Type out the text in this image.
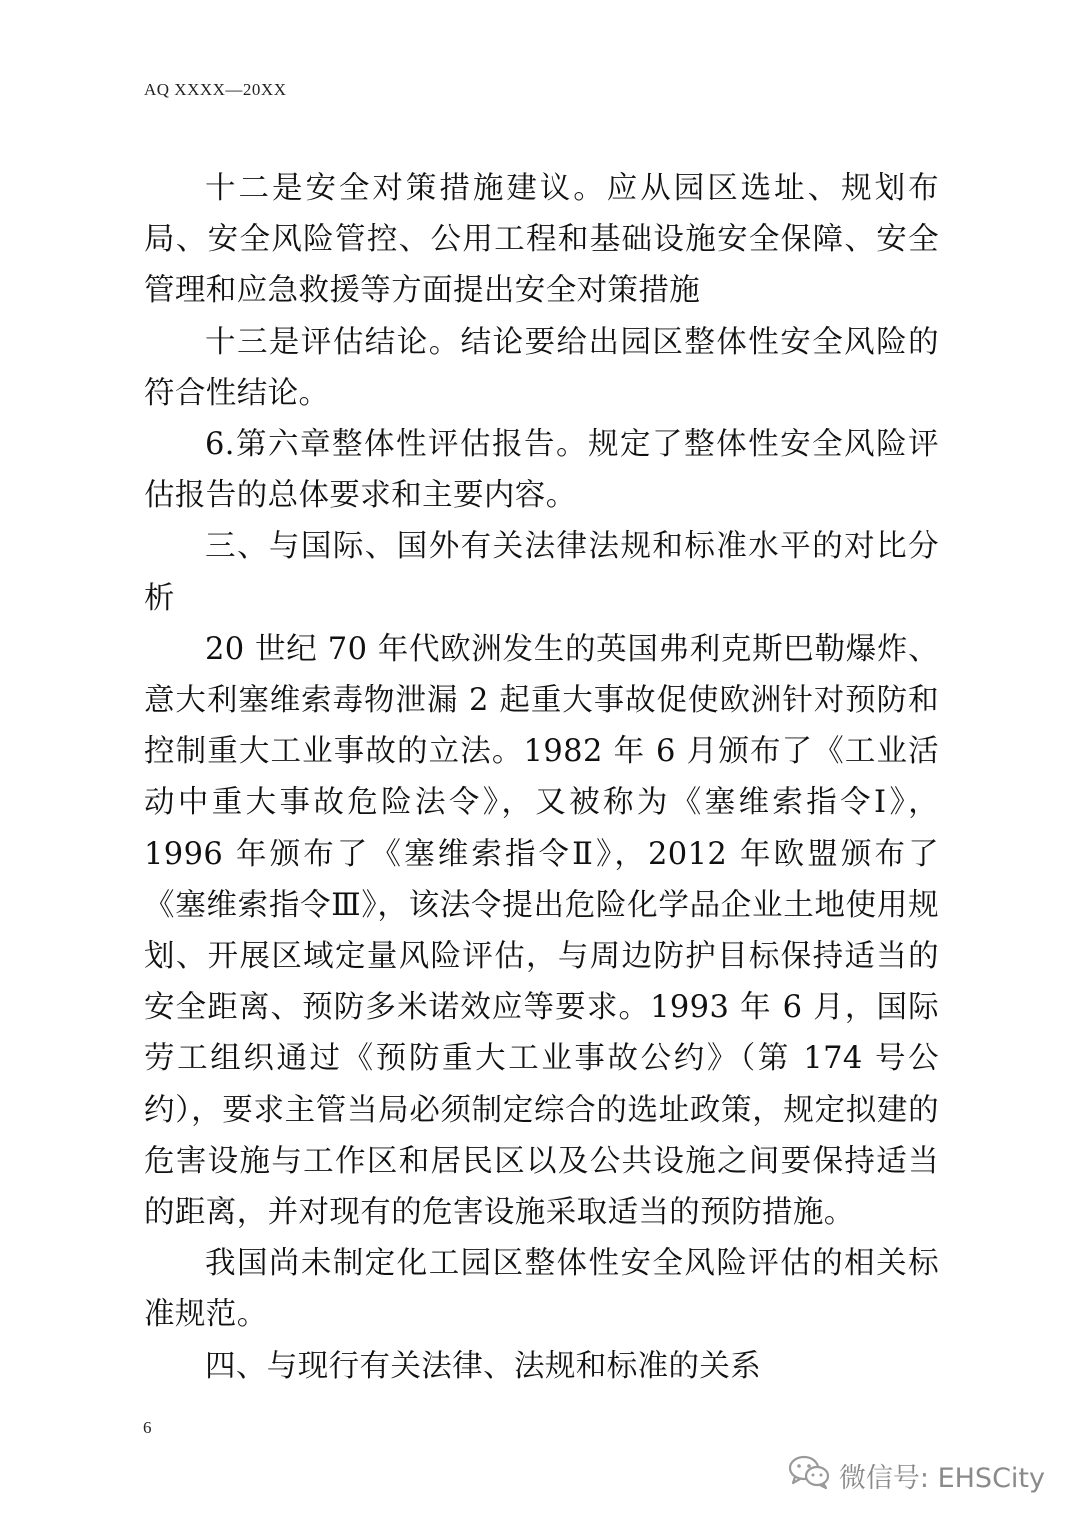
AQ XXXX—20XX

十二是安全对策措施建议。应从园区选址、规划布局、安全风险管控、公用工程和基础设施安全保障、安全管理和应急救援等方面提出安全对策措施

十三是评估结论。结论要给出园区整体性安全风险的符合性结论。

6.第六章整体性评估报告。规定了整体性安全风险评估报告的总体要求和主要内容。

三、与国际、国外有关法律法规和标准水平的对比分析

20 世纪 70 年代欧洲发生的英国弗利克斯巴勒爆炸、意大利塞维索毒物泄漏 2 起重大事故促使欧洲针对预防和控制重大工业事故的立法。1982 年 6 月颁布了《工业活动中重大事故危险法令》，又被称为《塞维索指令Ⅰ》，1996 年颁布了《塞维索指令Ⅱ》，2012 年欧盟颁布了《塞维索指令Ⅲ》，该法令提出危险化学品企业土地使用规划、开展区域定量风险评估，与周边防护目标保持适当的安全距离、预防多米诺效应等要求。1993 年 6 月，国际劳工组织通过《预防重大工业事故公约》（第 174 号公约），要求主管当局必须制定综合的选址政策，规定拟建的危害设施与工作区和居民区以及公共设施之间要保持适当的距离，并对现有的危害设施采取适当的预防措施。

我国尚未制定化工园区整体性安全风险评估的相关标准规范。

四、与现行有关法律、法规和标准的关系

6
微信号: EHSCity
